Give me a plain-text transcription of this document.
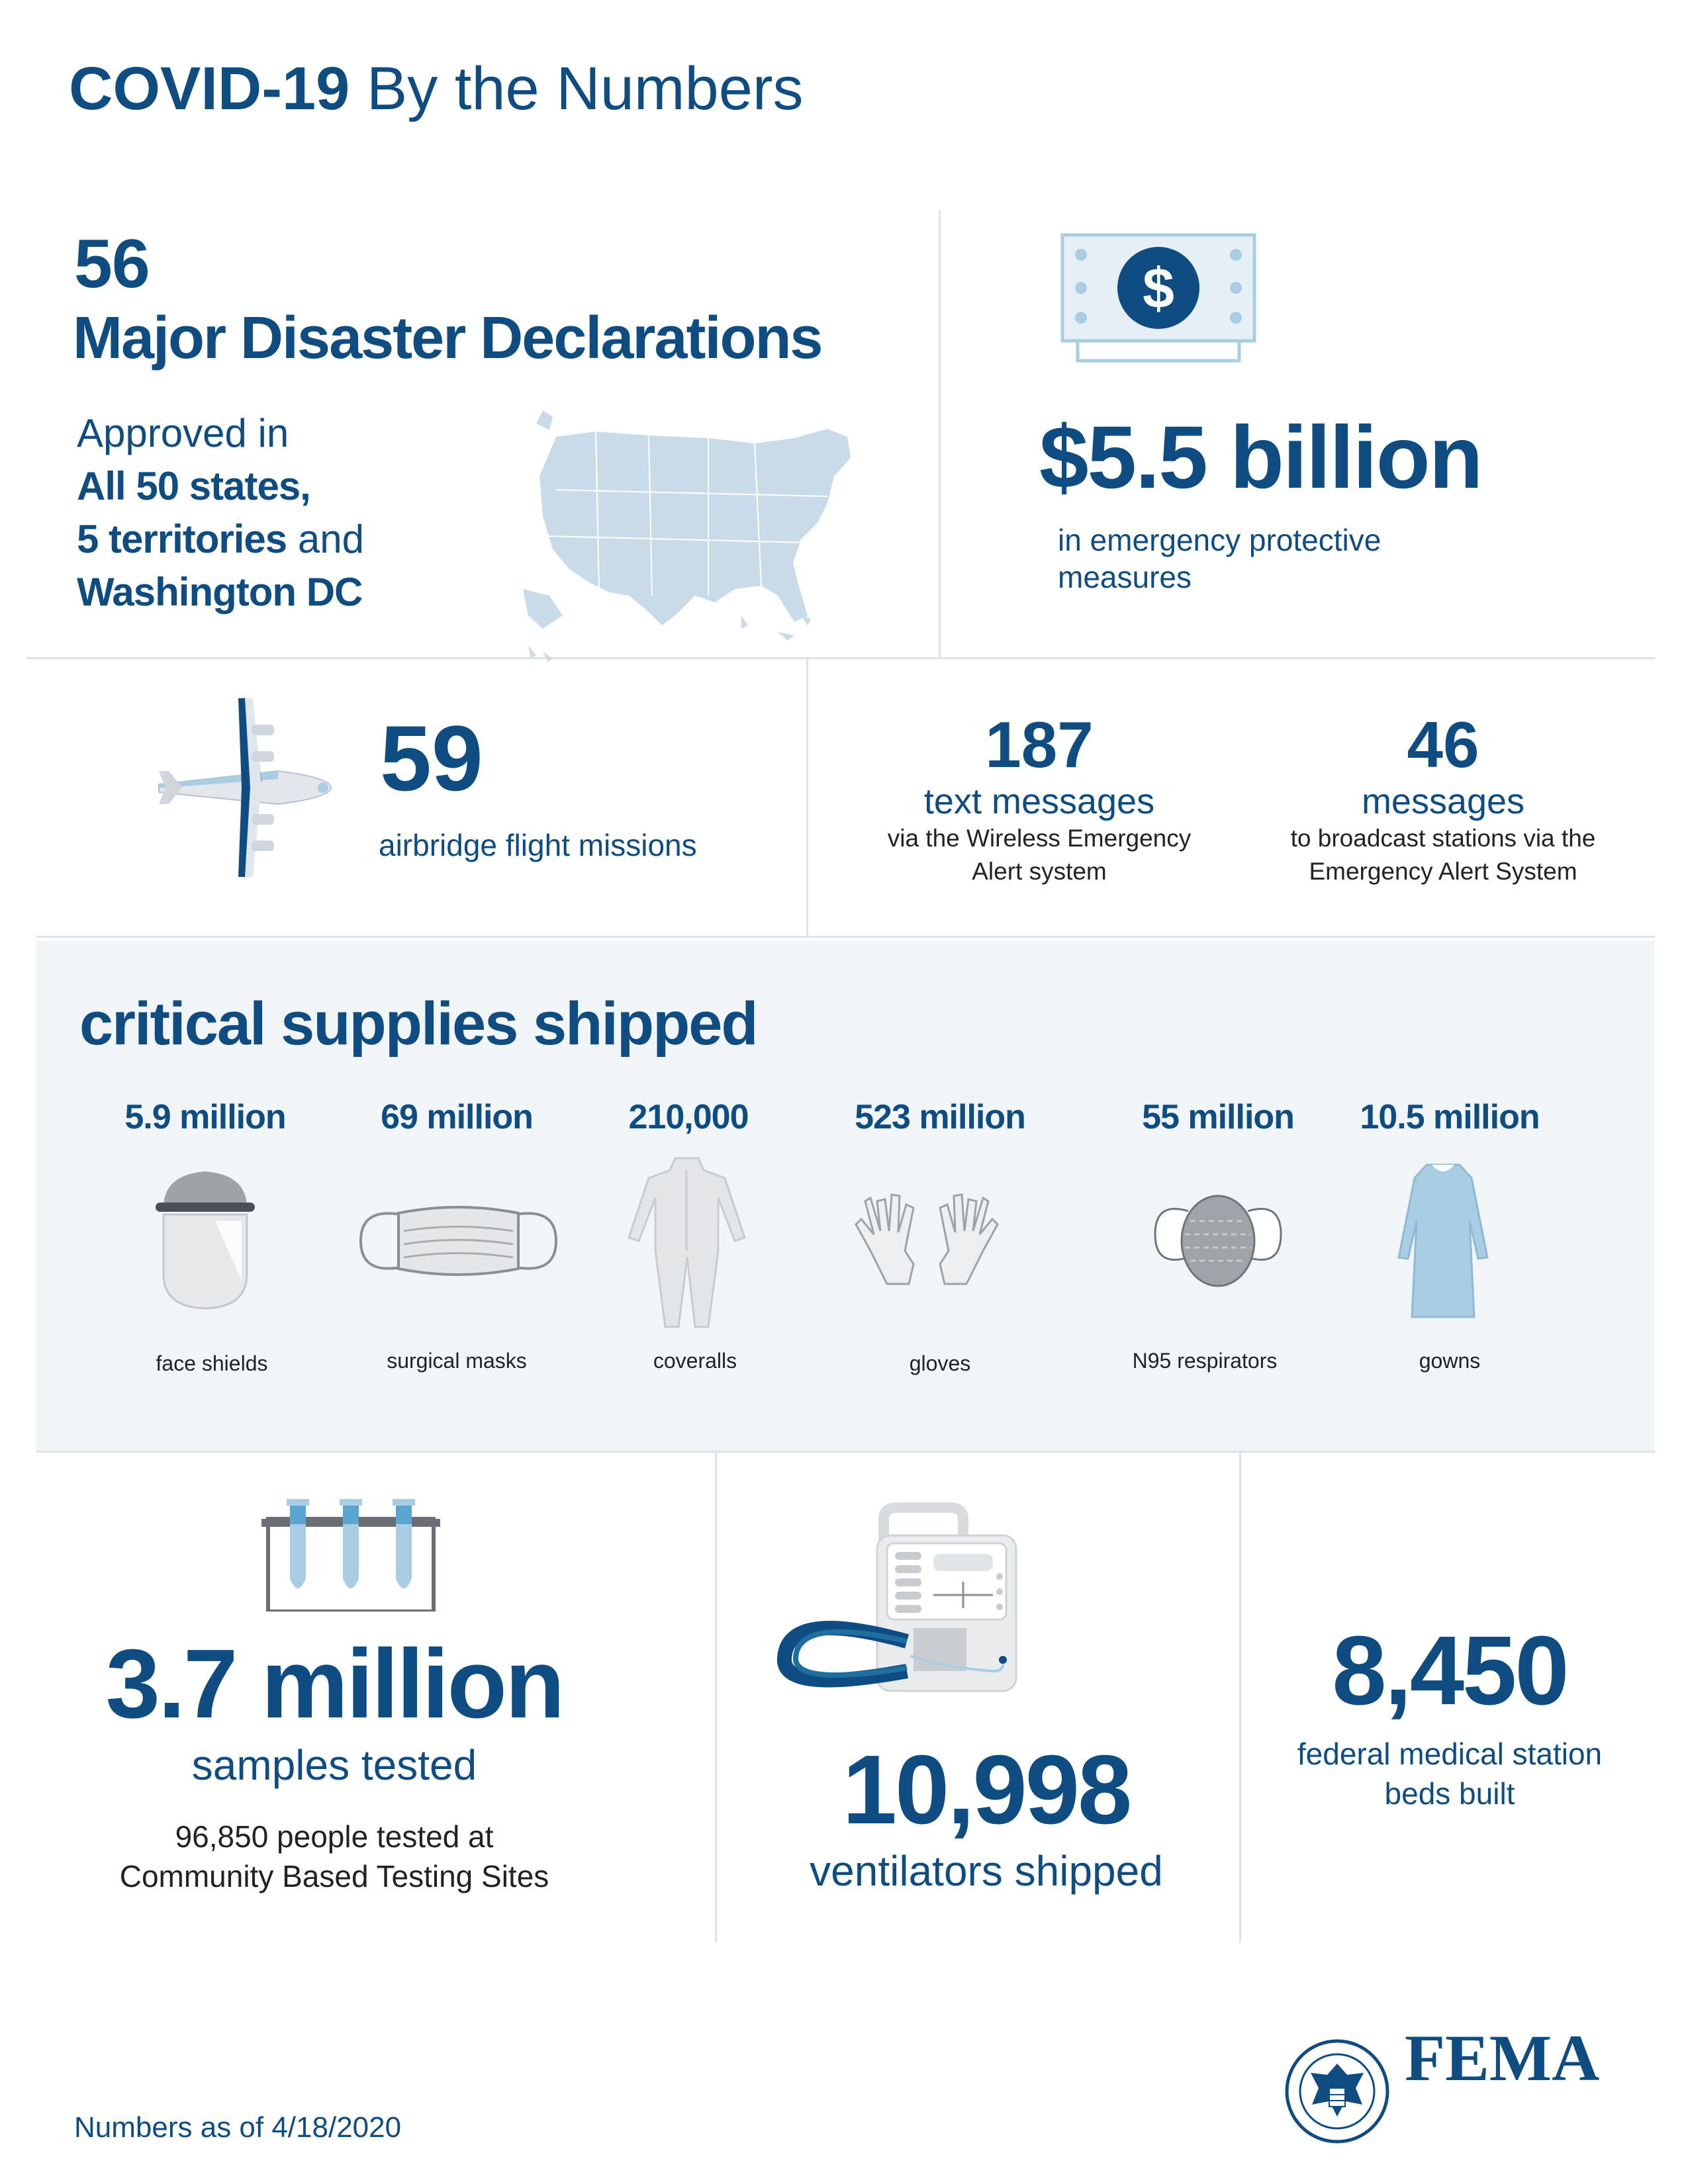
COVID-19 By the Numbers
56
Major Disaster Declarations
Approved in
All 50 states,
5 territories and
Washington DC
$
$5.5 billion
in emergency protective measures
59
airbridge flight missions
187
text messages
via the Wireless Emergency
Alert system
46
messages
to broadcast stations via the
Emergency Alert System
critical supplies shipped
5.9 million
face shields
69 million
surgical masks
210,000
coveralls
523 million
gloves
55 million
N95 respirators
10.5 million
gowns
3.7 million
samples tested
96,850 people tested at
Community Based Testing Sites
10,998
ventilators shipped
8,450
federal medical station
beds built
Numbers as of 4/18/2020
FEMA
